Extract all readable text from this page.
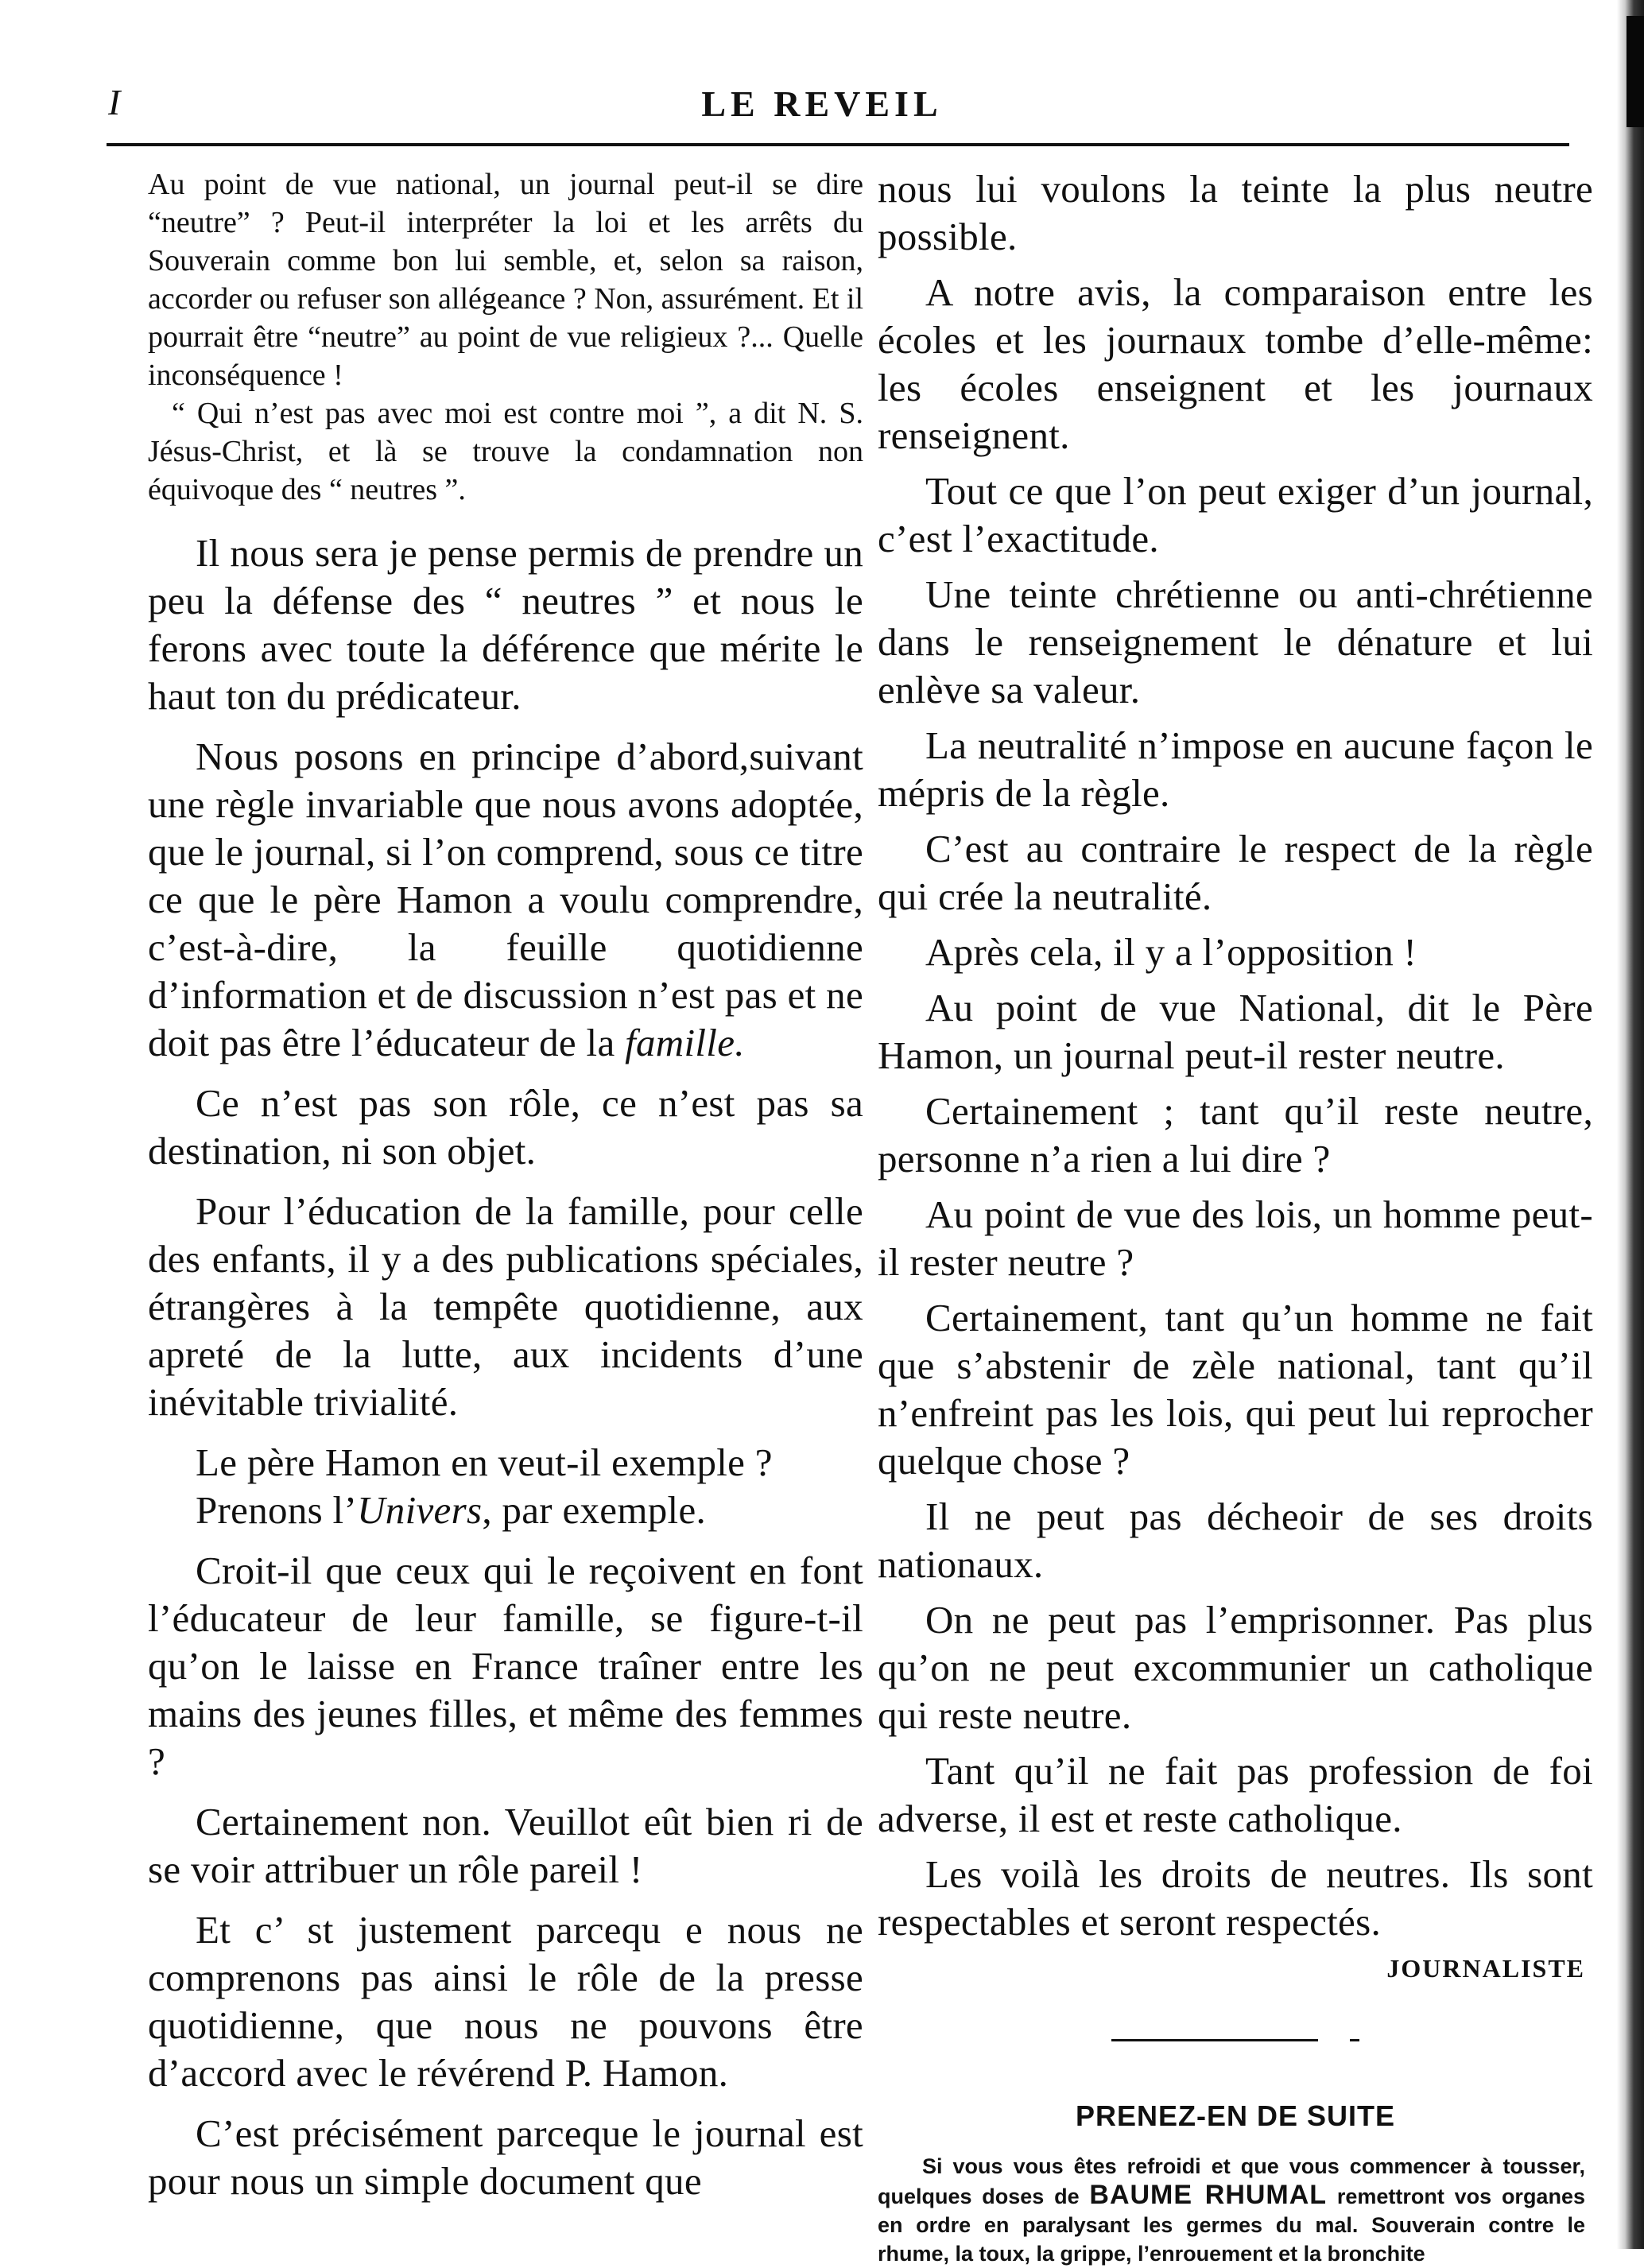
I	LE REVEIL

Au point de vue national, un journal peut-il se dire “neutre” ? Peut-il interpréter la loi et les arrêts du Souverain comme bon lui semble, et, selon sa raison, accorder ou refuser son allégeance ? Non, assurément. Et il pourrait être “neutre” au point de vue religieux ?... Quelle inconséquence !

“ Qui n’est pas avec moi est contre moi ”, a dit N. S. Jésus-Christ, et là se trouve la condamnation non équivoque des “ neutres ”.

Il nous sera je pense permis de prendre un peu la défense des “ neutres ” et nous le ferons avec toute la déférence que mérite le haut ton du prédicateur.

Nous posons en principe d’abord,suivant une règle invariable que nous avons adoptée, que le journal, si l’on comprend, sous ce titre ce que le père Hamon a voulu comprendre, c’est-à-dire, la feuille quotidienne d’information et de discussion n’est pas et ne doit pas être l’éducateur de la famille.

Ce n’est pas son rôle, ce n’est pas sa destination, ni son objet.

Pour l’éducation de la famille, pour celle des enfants, il y a des publications spéciales, étrangères à la tempête quotidienne, aux apreté de la lutte, aux incidents d’une inévitable trivialité.

Le père Hamon en veut-il exemple ?

Prenons l’Univers, par exemple.

Croit-il que ceux qui le reçoivent en font l’éducateur de leur famille, se figure-t-il qu’on le laisse en France traîner entre les mains des jeunes filles, et même des femmes ?

Certainement non. Veuillot eût bien ri de se voir attribuer un rôle pareil !

Et c’ st justement parcequ e nous ne comprenons pas ainsi le rôle de la presse quotidienne, que nous ne pouvons être d’accord avec le révérend P. Hamon.

C’est précisément parceque le journal est pour nous un simple document que

nous lui voulons la teinte la plus neutre possible.

A notre avis, la comparaison entre les écoles et les journaux tombe d’elle-même: les écoles enseignent et les journaux renseignent.

Tout ce que l’on peut exiger d’un journal, c’est l’exactitude.

Une teinte chrétienne ou anti-chrétienne dans le renseignement le dénature et lui enlève sa valeur.

La neutralité n’impose en aucune façon le mépris de la règle.

C’est au contraire le respect de la règle qui crée la neutralité.

Après cela, il y a l’opposition !

Au point de vue National, dit le Père Hamon, un journal peut-il rester neutre.

Certainement ; tant qu’il reste neutre, personne n’a rien a lui dire ?

Au point de vue des lois, un homme peut-il rester neutre ?

Certainement, tant qu’un homme ne fait que s’abstenir de zèle national, tant qu’il n’enfreint pas les lois, qui peut lui reprocher quelque chose ?

Il ne peut pas décheoir de ses droits nationaux.

On ne peut pas l’emprisonner. Pas plus qu’on ne peut excommunier un catholique qui reste neutre.

Tant qu’il ne fait pas profession de foi adverse, il est et reste catholique.

Les voilà les droits de neutres. Ils sont respectables et seront respectés.

JOURNALISTE
PRENEZ-EN DE SUITE
Si vous vous êtes refroidi et que vous commencer à tousser, quelques doses de BAUME RHUMAL remettront vos organes en ordre en paralysant les germes du mal. Souverain contre le rhume, la toux, la grippe, l’enrouement et la bronchite
